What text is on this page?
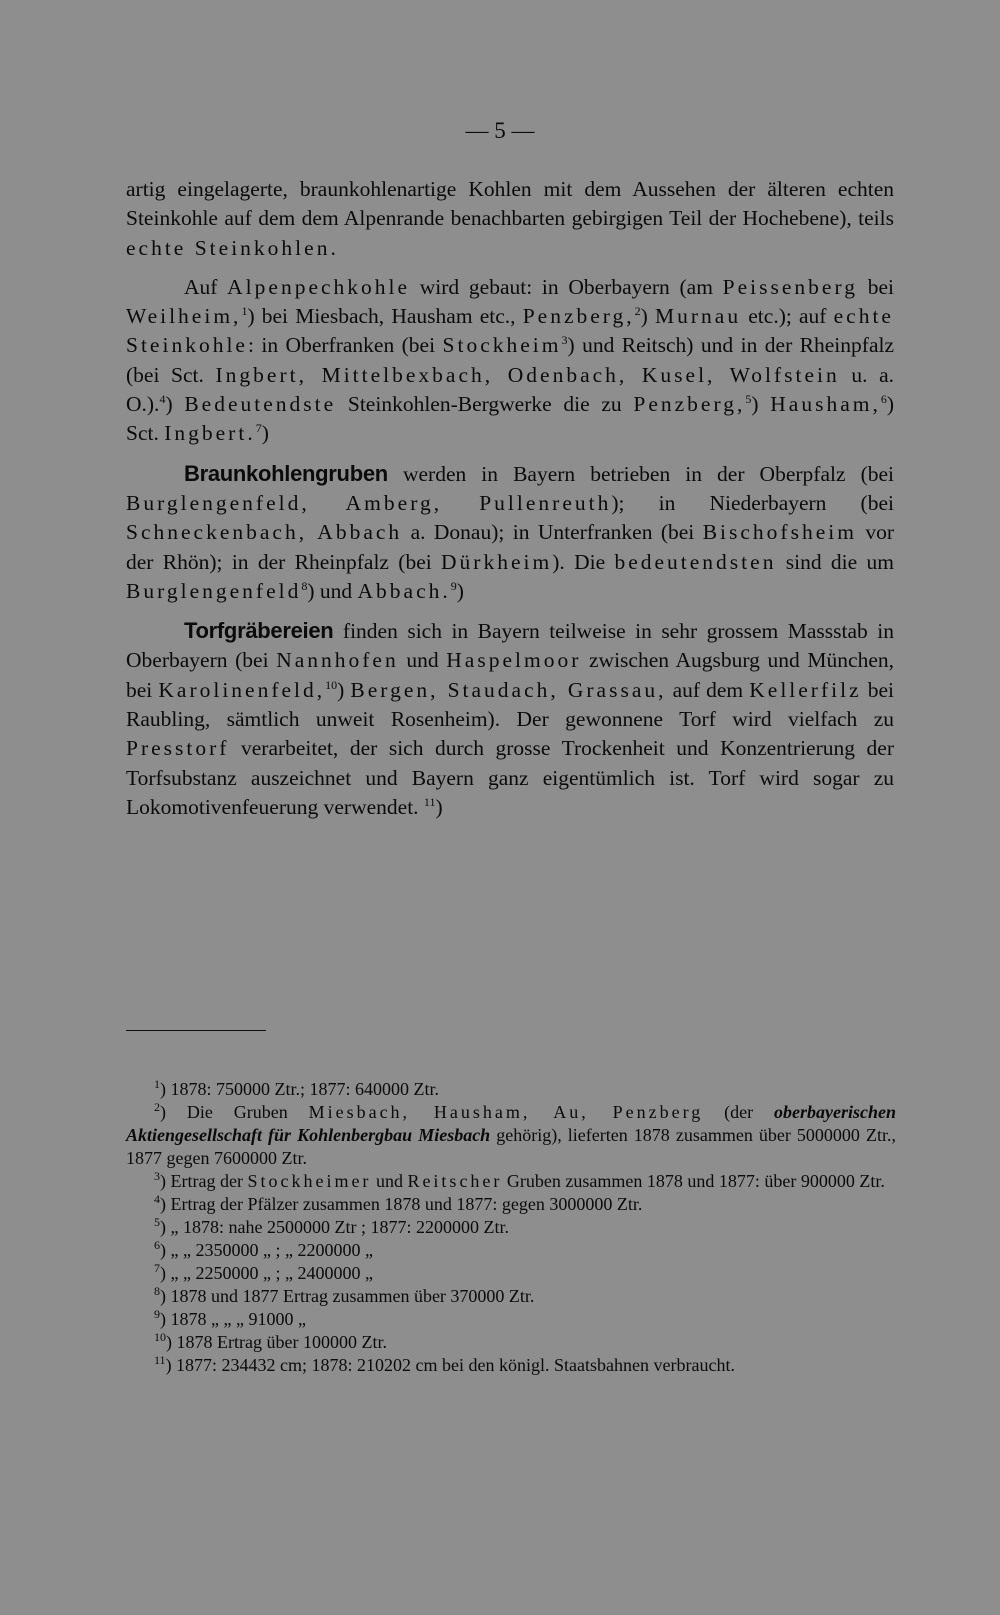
— 5 —

artig eingelagerte, braunkohlenartige Kohlen mit dem Aussehen der älteren echten Steinkohle auf dem dem Alpenrande benachbarten gebirgigen Teil der Hochebene), teils echte Steinkohlen.

Auf Alpenpechkohle wird gebaut: in Oberbayern (am Peissenberg bei Weilheim,$^1$) bei Miesbach, Hausham etc., Penzberg,$^2$) Murnau etc.); auf echte Steinkohle: in Oberfranken (bei Stockheim$^3$) und Reitsch) und in der Rheinpfalz (bei Sct. Ingbert, Mittelbexbach, Odenbach, Kusel, Wolfstein u. a. O.).$^4$) Bedeutendste Steinkohlen-Bergwerke die zu Penzberg,$^5$) Hausham,$^6$) Sct. Ingbert.$^7$)

Braunkohlengruben werden in Bayern betrieben in der Oberpfalz (bei Burglengenfeld, Amberg, Pullenreuth); in Niederbayern (bei Schneckenbach, Abbach a. Donau); in Unterfranken (bei Bischofsheim vor der Rhön); in der Rheinpfalz (bei Dürkheim). Die bedeutendsten sind die um Burglengenfeld$^8$) und Abbach.$^9$)

Torfgräbereien finden sich in Bayern teilweise in sehr grossem Massstab in Oberbayern (bei Nannhofen und Haspelmoor zwischen Augsburg und München, bei Karolinenfeld,$^{10}$) Bergen, Staudach, Grassau, auf dem Kellerfilz bei Raubling, sämtlich unweit Rosenheim). Der gewonnene Torf wird vielfach zu Presstorf verarbeitet, der sich durch grosse Trockenheit und Konzentrierung der Torfsubstanz auszeichnet und Bayern ganz eigentümlich ist. Torf wird sogar zu Lokomotivenfeuerung verwendet. $^{11}$)

$^1$) 1878: 750000 Ztr.; 1877: 640000 Ztr.

$^2$) Die Gruben Miesbach, Hausham, Au, Penzberg (der oberbayerischen Aktiengesellschaft für Kohlenbergbau Miesbach gehörig), lieferten 1878 zusammen über 5000000 Ztr., 1877 gegen 7600000 Ztr.

$^3$) Ertrag der Stockheimer und Reitscher Gruben zusammen 1878 und 1877: über 900000 Ztr.

$^4$) Ertrag der Pfälzer zusammen 1878 und 1877: gegen 3000000 Ztr.

$^5$) „ 1878: nahe 2500000 Ztr ; 1877: 2200000 Ztr.

$^6$) „ „ 2350000 „ ; „ 2200000 „

$^7$) „ „ 2250000 „ ; „ 2400000 „

$^8$) 1878 und 1877 Ertrag zusammen über 370000 Ztr.

$^9$) 1878 „ „ „ 91000 „

$^{10}$) 1878 Ertrag über 100000 Ztr.

$^{11}$) 1877: 234432 cm; 1878: 210202 cm bei den königl. Staatsbahnen verbraucht.
